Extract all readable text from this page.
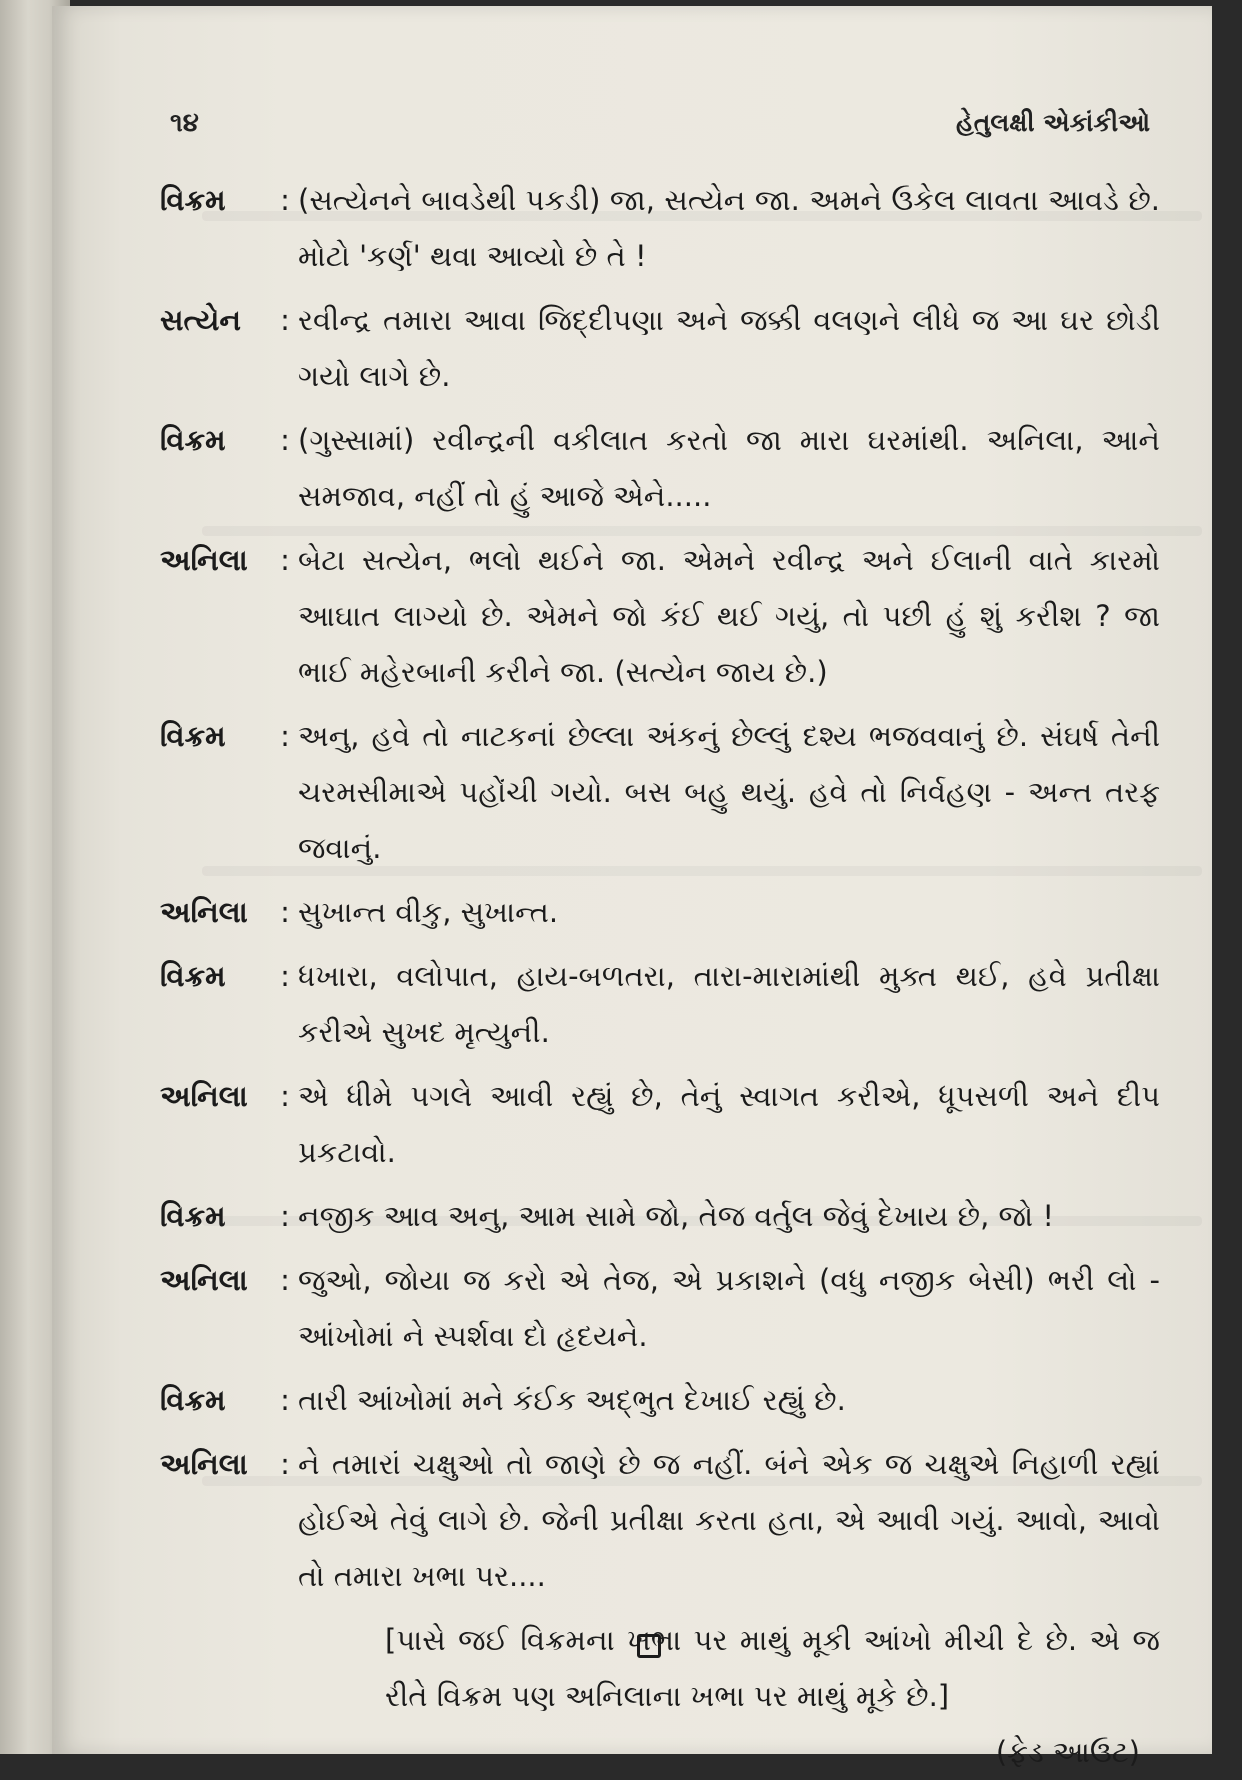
૧૪	હેતુલક્ષી એકાંકીઓ
વિક્રમ	: (સત્યેનને બાવડેથી પકડી) જા, સત્યેન જા. અમને ઉકેલ લાવતા આવડે છે. મોટો 'કર્ણ' થવા આવ્યો છે તે !
સત્યેન	: રવીન્દ્ર તમારા આવા જિદ્દીપણા અને જક્કી વલણને લીધે જ આ ઘર છોડી ગયો લાગે છે.
વિક્રમ	: (ગુસ્સામાં) રવીન્દ્રની વકીલાત કરતો જા મારા ઘરમાંથી. અનિલા, આને સમજાવ, નહીં તો હું આજે એને.....
અનિલા	: બેટા સત્યેન, ભલો થઈને જા. એમને રવીન્દ્ર અને ઈલાની વાતે કારમો આઘાત લાગ્યો છે. એમને જો કંઈ થઈ ગયું, તો પછી હું શું કરીશ ? જા ભાઈ મહેરબાની કરીને જા. (સત્યેન જાય છે.)
વિક્રમ	: અનુ, હવે તો નાટકનાં છેલ્લા અંકનું છેલ્લું દશ્ય ભજવવાનું છે. સંઘર્ષ તેની ચરમસીમાએ પહોંચી ગયો. બસ બહુ થયું. હવે તો નિર્વહણ - અન્ત તરફ જવાનું.
અનિલા	: સુખાન્ત વીકુ, સુખાન્ત.
વિક્રમ	: ધખારા, વલોપાત, હાય-બળતરા, તારા-મારામાંથી મુક્ત થઈ, હવે પ્રતીક્ષા કરીએ સુખદ મૃત્યુની.
અનિલા	: એ ધીમે પગલે આવી રહ્યું છે, તેનું સ્વાગત કરીએ, ધૂપસળી અને દીપ પ્રકટાવો.
વિક્રમ	: નજીક આવ અનુ, આમ સામે જો, તેજ વર્તુલ જેવું દેખાય છે, જો !
અનિલા	: જુઓ, જોયા જ કરો એ તેજ, એ પ્રકાશને (વધુ નજીક બેસી) ભરી લો - આંખોમાં ને સ્પર્શવા દો હૃદયને.
વિક્રમ	: તારી આંખોમાં મને કંઈક અદ્‌ભુત દેખાઈ રહ્યું છે.
અનિલા	: ને તમારાં ચક્ષુઓ તો જાણે છે જ નહીં. બંને એક જ ચક્ષુએ નિહાળી રહ્યાં હોઈએ તેવું લાગે છે. જેની પ્રતીક્ષા કરતા હતા, એ આવી ગયું. આવો, આવો તો તમારા ખભા પર....
[પાસે જઈ વિક્રમના ખભા પર માથું મૂકી આંખો મીચી દે છે. એ જ રીતે વિક્રમ પણ અનિલાના ખભા પર માથું મૂકે છે.]
(ફેડ આઉટ)
